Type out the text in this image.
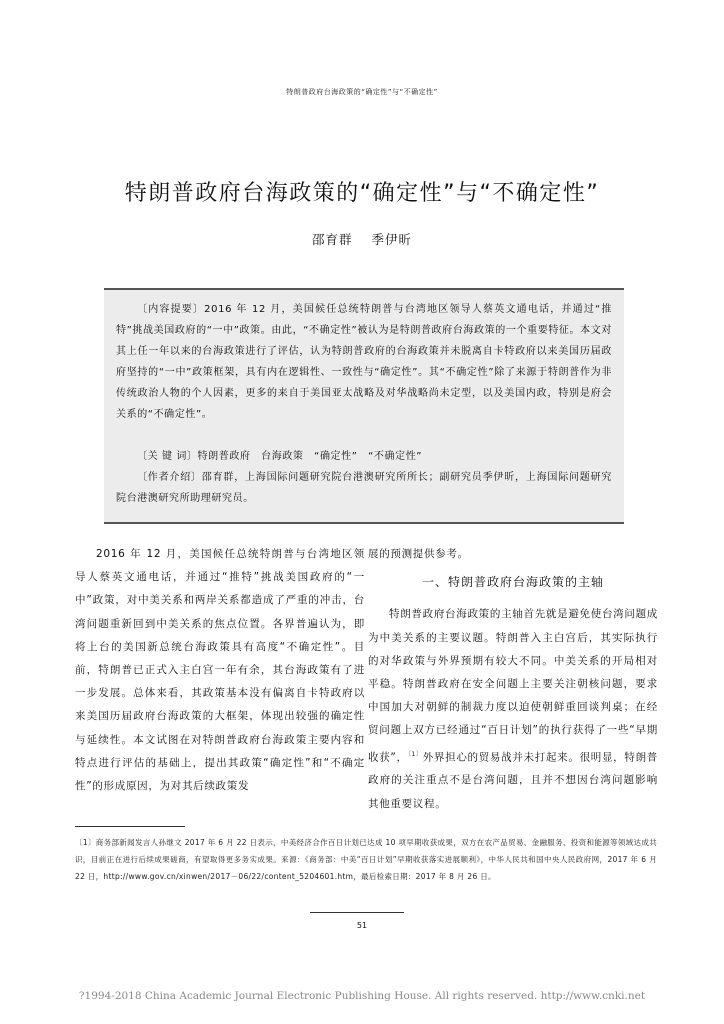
特朗普政府台海政策的“确定性”与“不确定性”
特朗普政府台海政策的“确定性”与“不确定性”
邵育群 季伊昕
〔内容提要〕2016 年 12 月，美国候任总统特朗普与台湾地区领导人蔡英文通电话，并通过“推特”挑战美国政府的“一中”政策。由此，“不确定性”被认为是特朗普政府台海政策的一个重要特征。本文对其上任一年以来的台海政策进行了评估，认为特朗普政府的台海政策并未脱离自卡特政府以来美国历届政府坚持的“一中”政策框架，具有内在逻辑性、一致性与“确定性”。其“不确定性”除了来源于特朗普作为非传统政治人物的个人因素，更多的来自于美国亚太战略及对华战略尚未定型，以及美国内政，特别是府会关系的“不确定性”。
〔关 键 词〕特朗普政府　台海政策　“确定性”　“不确定性”
〔作者介绍〕邵育群，上海国际问题研究院台港澳研究所所长；副研究员季伊昕，上海国际问题研究院台港澳研究所助理研究员。
2016 年 12 月，美国候任总统特朗普与台湾地区领导人蔡英文通电话，并通过“推特”挑战美国政府的“一中”政策，对中美关系和两岸关系都造成了严重的冲击，台湾问题重新回到中美关系的焦点位置。各界普遍认为，即将上台的美国新总统台海政策具有高度“不确定性”。目前，特朗普已正式入主白宫一年有余，其台海政策有了进一步发展。总体来看，其政策基本没有偏离自卡特政府以来美国历届政府台海政策的大框架，体现出较强的确定性与延续性。本文试图在对特朗普政府台海政策主要内容和特点进行评估的基础上，提出其政策“确定性”和“不确定性”的形成原因，为对其后续政策发
展的预测提供参考。
一、特朗普政府台海政策的主轴
特朗普政府台海政策的主轴首先就是避免使台湾问题成为中美关系的主要议题。特朗普入主白宫后，其实际执行的对华政策与外界预期有较大不同。中美关系的开局相对平稳。特朗普政府在安全问题上主要关注朝核问题，要求中国加大对朝鲜的制裁力度以迫使朝鲜重回谈判桌；在经贸问题上双方已经通过“百日计划”的执行获得了一些“早期收获”，$^{〔1〕}$外界担心的贸易战并未打起来。很明显，特朗普政府的关注重点不是台湾问题，且并不想因台湾问题影响其他重要议程。
〔1〕商务部新闻发言人孙继文 2017 年 6 月 22 日表示，中美经济合作百日计划已达成 10 项早期收获成果，双方在农产品贸易、金融服务、投资和能源等领域达成共识，目前正在进行后续成果磋商，有望取得更多务实成果。来源：《商务部：中美“百日计划”早期收获落实进展顺利》，中华人民共和国中央人民政府网，2017 年 6 月 22 日，http://www.gov.cn/xinwen/2017－06/22/content_5204601.htm，最后检索日期：2017 年 8 月 26 日。
51
?1994-2018 China Academic Journal Electronic Publishing House. All rights reserved. http://www.cnki.net
